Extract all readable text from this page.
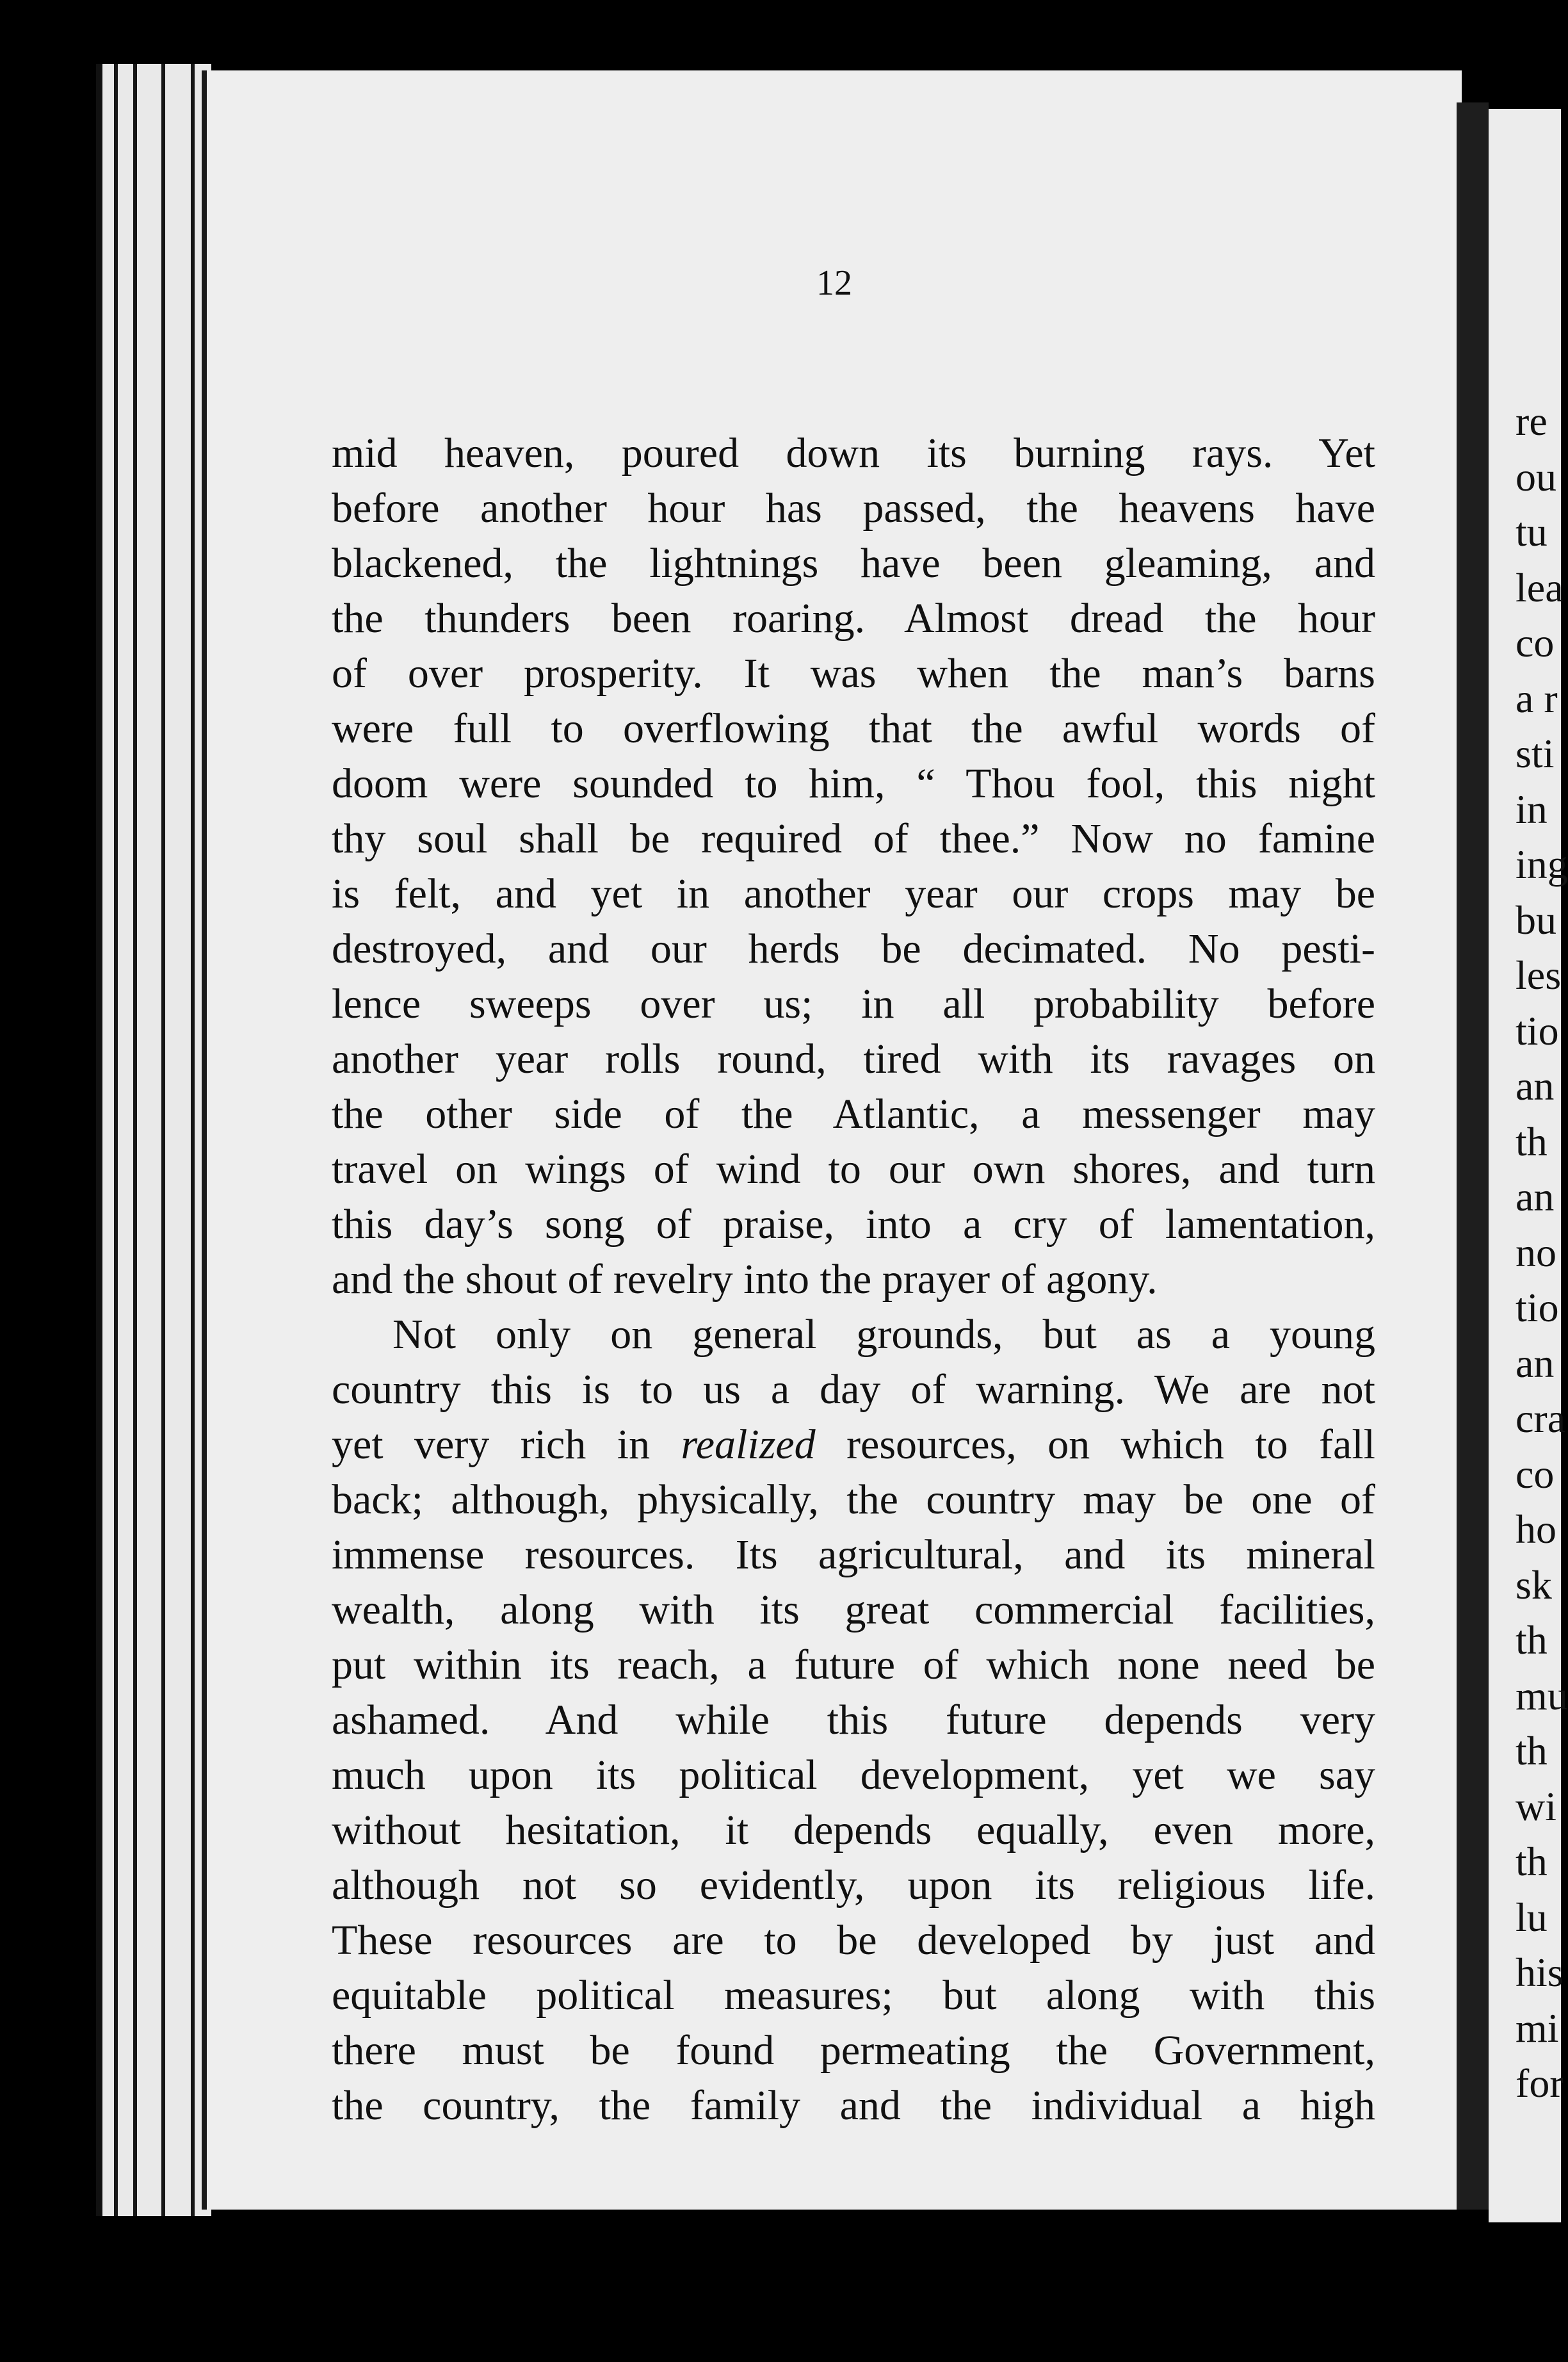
12
mid heaven, poured down its burning rays. Yet
before another hour has passed, the heavens have
blackened, the lightnings have been gleaming, and
the thunders been roaring. Almost dread the hour
of over prosperity. It was when the man’s barns
were full to overflowing that the awful words of
doom were sounded to him, “ Thou fool, this night
thy soul shall be required of thee.” Now no famine
is felt, and yet in another year our crops may be
destroyed, and our herds be decimated. No pesti-
lence sweeps over us; in all probability before
another year rolls round, tired with its ravages on
the other side of the Atlantic, a messenger may
travel on wings of wind to our own shores, and turn
this day’s song of praise, into a cry of lamentation,
and the shout of revelry into the prayer of agony.
Not only on general grounds, but as a young
country this is to us a day of warning. We are not
yet very rich in realized resources, on which to fall
back; although, physically, the country may be one of
immense resources. Its agricultural, and its mineral
wealth, along with its great commercial facilities,
put within its reach, a future of which none need be
ashamed. And while this future depends very
much upon its political development, yet we say
without hesitation, it depends equally, even more,
although not so evidently, upon its religious life.
These resources are to be developed by just and
equitable political measures; but along with this
there must be found permeating the Government,
the country, the family and the individual a high
re
ou
tu
lea
co
a r
sti
in
ing
bu
les
tio
an
th
an
no
tio
an
cra
co
ho
sk
th
mu
th
wi
th
lu
his
mi
for
